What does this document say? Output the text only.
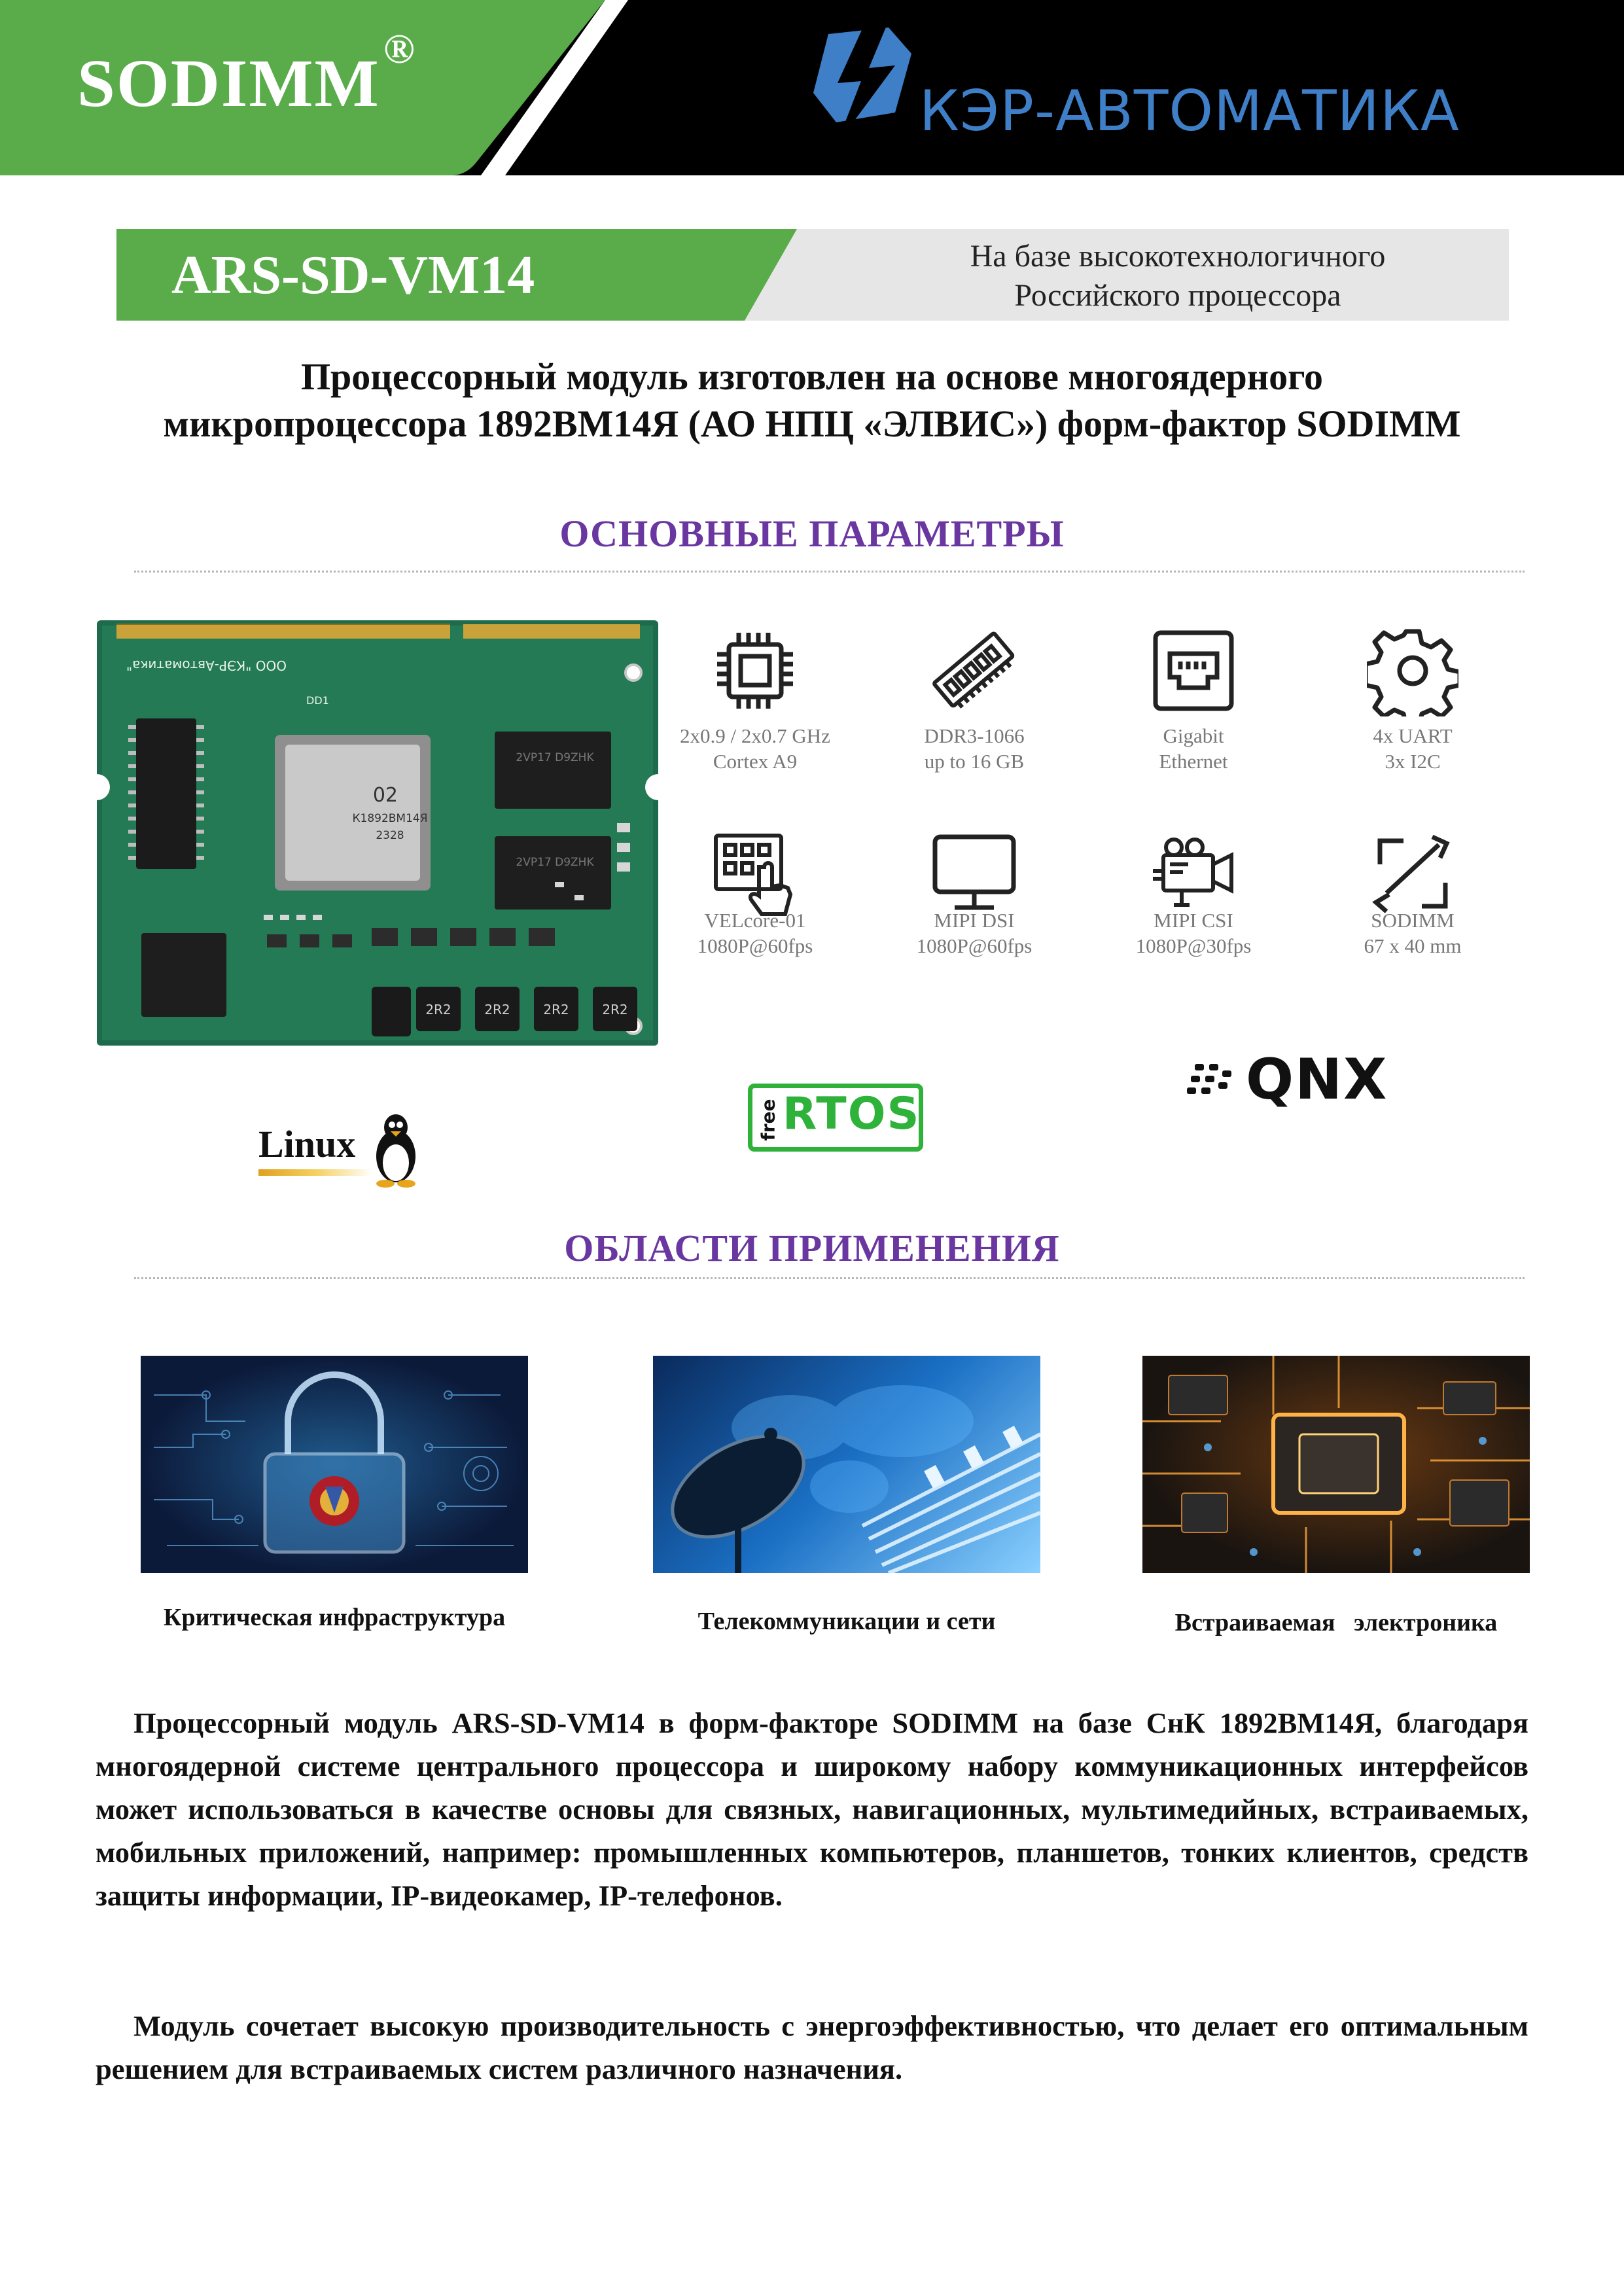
SODIMM ®
КЭР-АВТОМАТИКА
ARS-SD-VM14	На базе высокотехнологичного
Российского процессора
Процессорный модуль изготовлен на основе многоядерного
микропроцессора 1892ВМ14Я (АО НПЦ «ЭЛВИС») форм-фактор SODIMM
ОСНОВНЫЕ ПАРАМЕТРЫ
ООО "КЭР-Автоматика"
DD1
02
К1892ВМ14Я
2328
2VP17 D9ZHK
2VP17 D9ZHK
2R2	2R2	2R2	2R2
2x0.9 / 2x0.7 GHz
Cortex A9
DDR3-1066
up to 16 GB
Gigabit
Ethernet
4x UART
3x I2C
VELcore-01
1080P@60fps
MIPI DSI
1080P@60fps
MIPI CSI
1080P@30fps
SODIMM
67 x 40 mm
Linux
free RTOS
QNX
ОБЛАСТИ ПРИМЕНЕНИЯ
Критическая инфраструктура	Телекоммуникации и сети	Встраиваемая   электроника

Процессорный модуль ARS-SD-VM14 в форм-факторе SODIMM на базе СнК 1892ВМ14Я, благодаря многоядерной системе центрального процессора и широкому набору коммуникационных интерфейсов может использоваться в качестве основы для связных, навигационных, мультимедийных, встраиваемых, мобильных приложений, например: промышленных компьютеров, планшетов, тонких клиентов, средств защиты информации, IP-видеокамер, IP-телефонов.

Модуль сочетает высокую производительность с энергоэффективностью, что делает его оптимальным решением для встраиваемых систем различного назначения.
